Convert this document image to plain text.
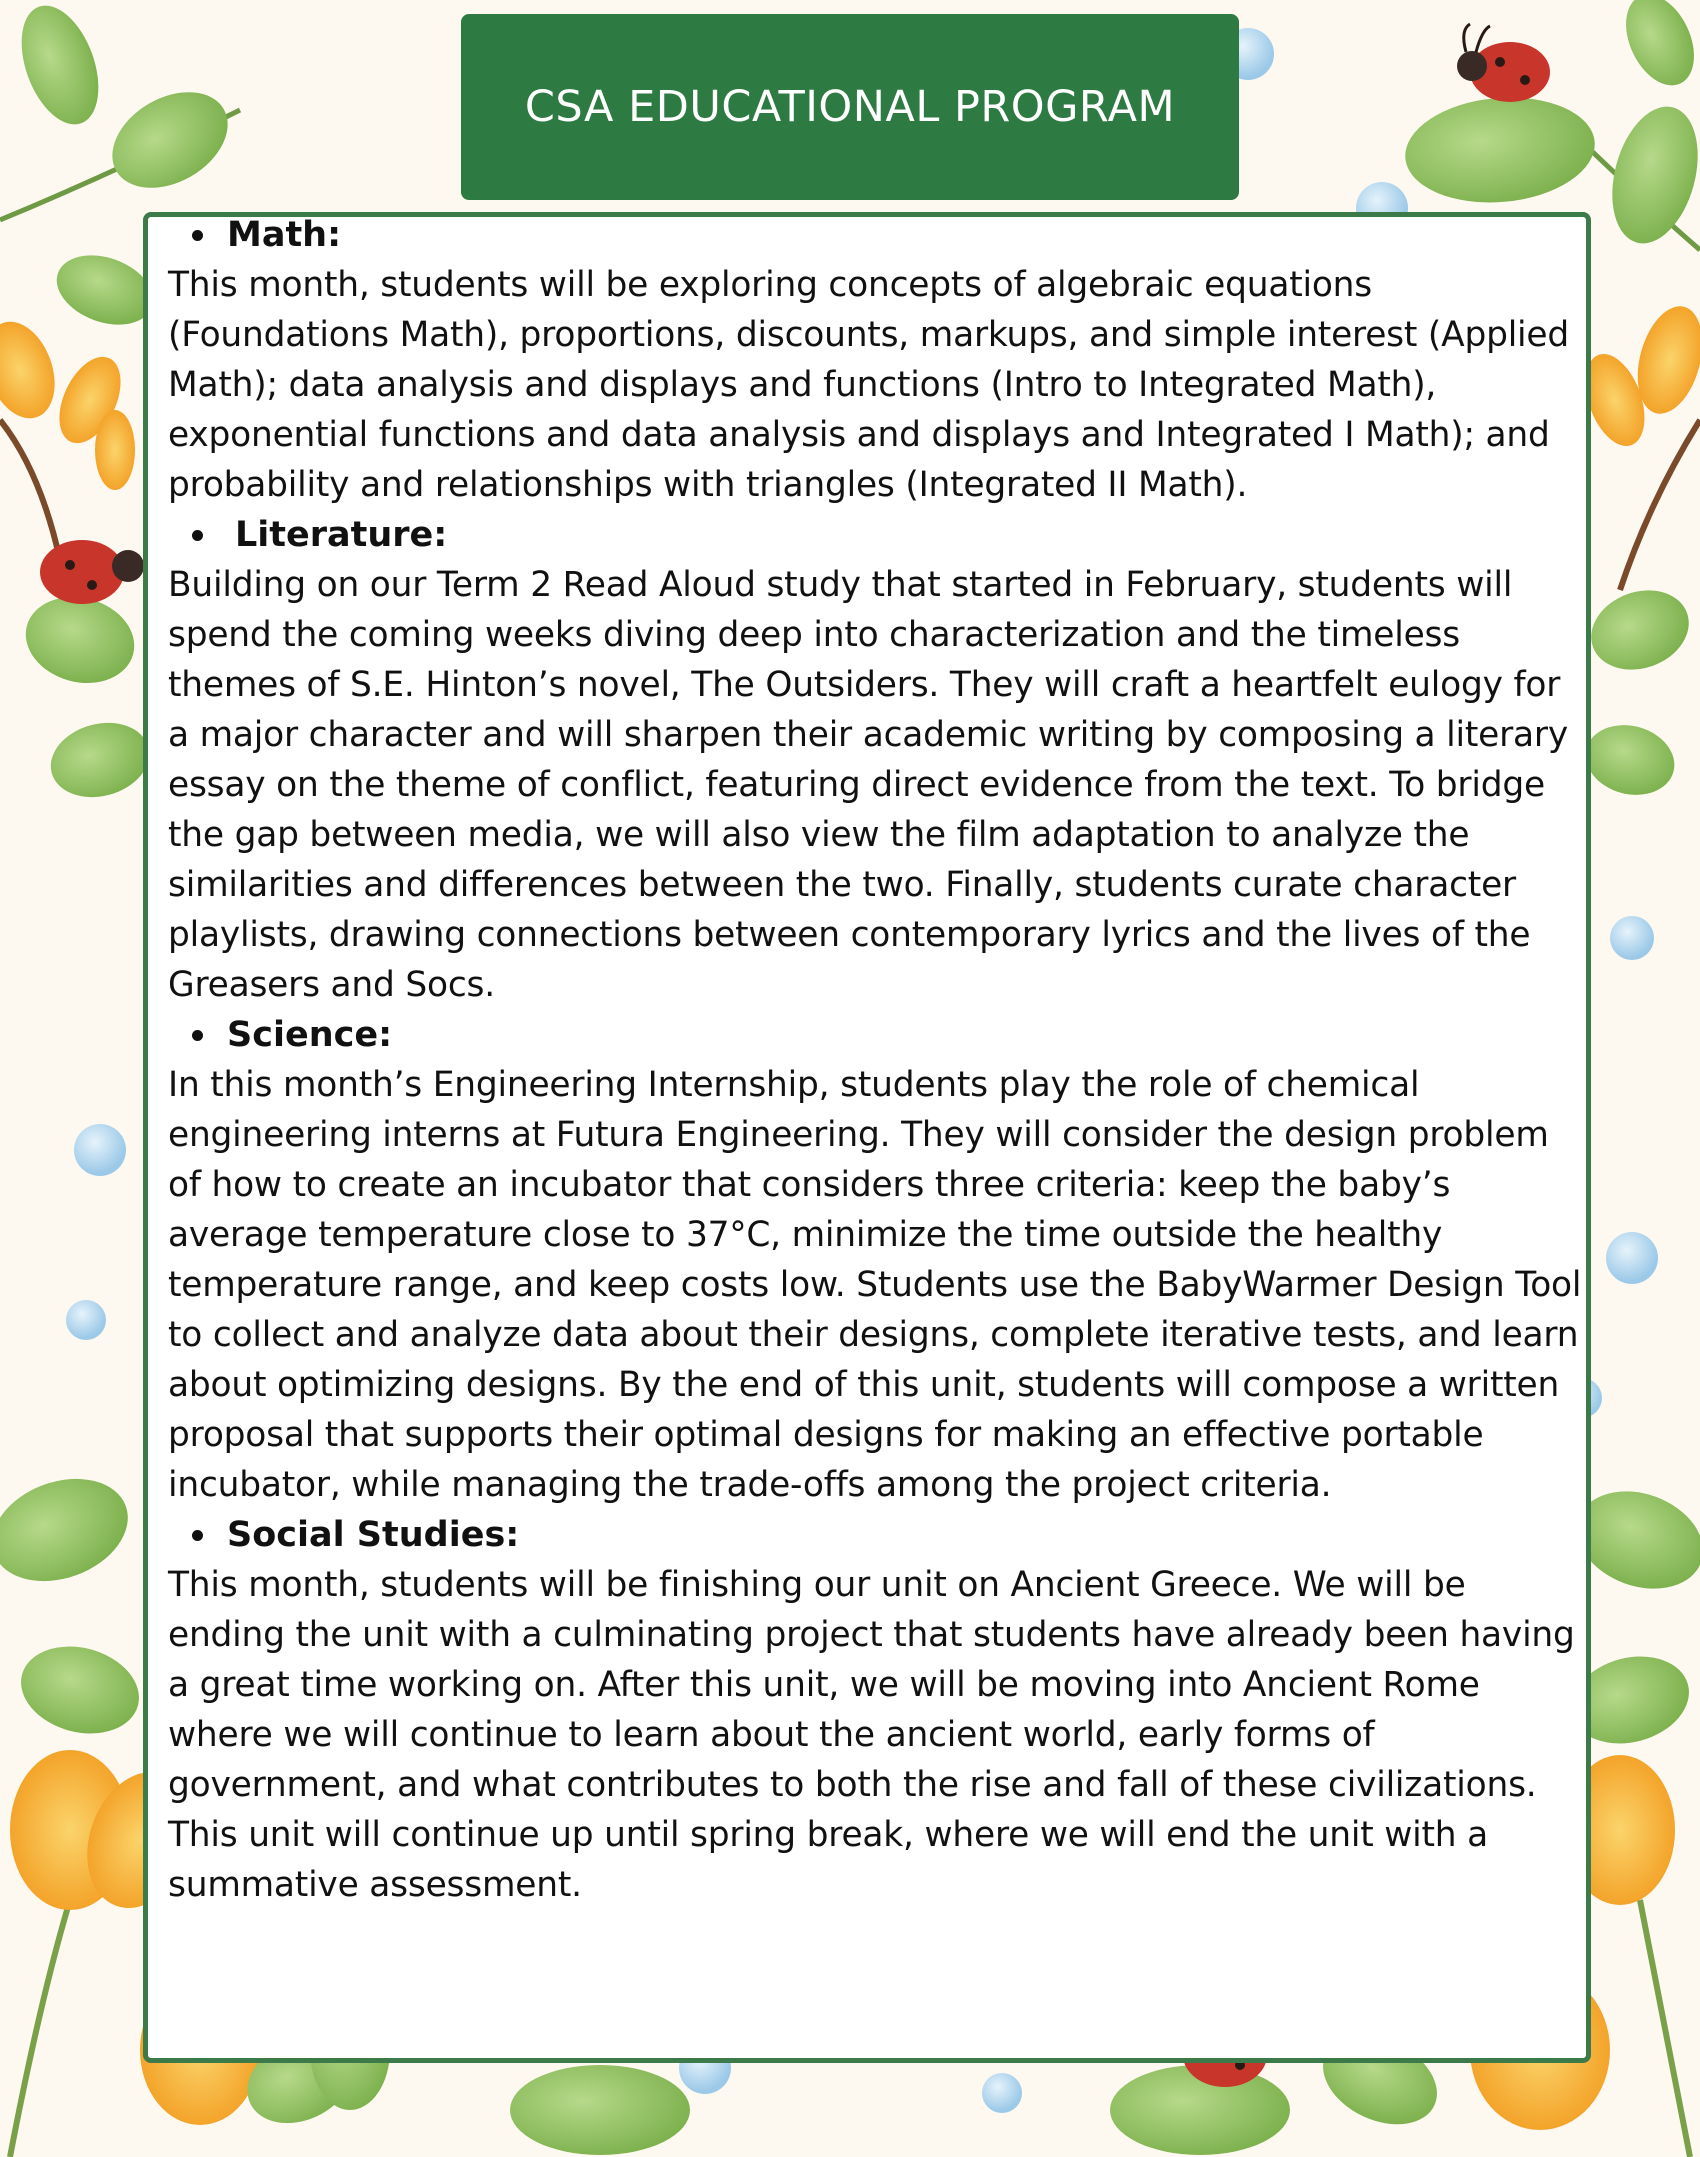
CSA EDUCATIONAL PROGRAM
Math:

This month, students will be exploring concepts of algebraic equations (Foundations Math), proportions, discounts, markups, and simple interest (Applied Math); data analysis and displays and functions (Intro to Integrated Math), exponential functions and data analysis and displays and Integrated I Math); and probability and relationships with triangles (Integrated II Math).

Literature:

Building on our Term 2 Read Aloud study that started in February, students will spend the coming weeks diving deep into characterization and the timeless themes of S.E. Hinton’s novel, The Outsiders. They will craft a heartfelt eulogy for a major character and will sharpen their academic writing by composing a literary essay on the theme of conflict, featuring direct evidence from the text. To bridge the gap between media, we will also view the film adaptation to analyze the similarities and differences between the two. Finally, students curate character playlists, drawing connections between contemporary lyrics and the lives of the Greasers and Socs.

Science:

In this month’s Engineering Internship, students play the role of chemical engineering interns at Futura Engineering. They will consider the design problem of how to create an incubator that considers three criteria: keep the baby’s average temperature close to 37°C, minimize the time outside the healthy temperature range, and keep costs low. Students use the BabyWarmer Design Tool to collect and analyze data about their designs, complete iterative tests, and learn about optimizing designs. By the end of this unit, students will compose a written proposal that supports their optimal designs for making an effective portable incubator, while managing the trade-offs among the project criteria.

Social Studies:

This month, students will be finishing our unit on Ancient Greece. We will be ending the unit with a culminating project that students have already been having a great time working on. After this unit, we will be moving into Ancient Rome where we will continue to learn about the ancient world, early forms of government, and what contributes to both the rise and fall of these civilizations. This unit will continue up until spring break, where we will end the unit with a summative assessment.
